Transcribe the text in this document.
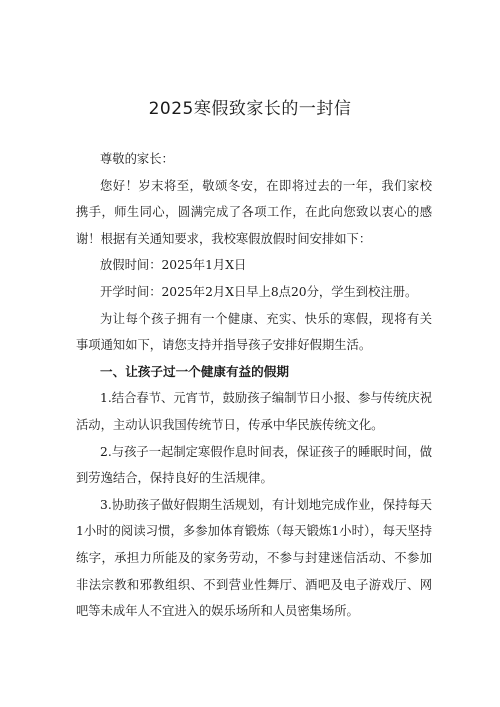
2025寒假致家长的一封信

尊敬的家长：

您好！岁末将至，敬颂冬安，在即将过去的一年，我们家校携手，师生同心，圆满完成了各项工作，在此向您致以衷心的感谢！根据有关通知要求，我校寒假放假时间安排如下：

放假时间：2025年1月X日

开学时间：2025年2月X日早上8点20分，学生到校注册。

为让每个孩子拥有一个健康、充实、快乐的寒假，现将有关事项通知如下，请您支持并指导孩子安排好假期生活。

一、让孩子过一个健康有益的假期

1.结合春节、元宵节，鼓励孩子编制节日小报、参与传统庆祝活动，主动认识我国传统节日，传承中华民族传统文化。

2.与孩子一起制定寒假作息时间表，保证孩子的睡眠时间，做到劳逸结合，保持良好的生活规律。

3.协助孩子做好假期生活规划，有计划地完成作业，保持每天1小时的阅读习惯，多参加体育锻炼（每天锻炼1小时），每天坚持练字，承担力所能及的家务劳动，不参与封建迷信活动、不参加非法宗教和邪教组织、不到营业性舞厅、酒吧及电子游戏厅、网吧等未成年人不宜进入的娱乐场所和人员密集场所。
